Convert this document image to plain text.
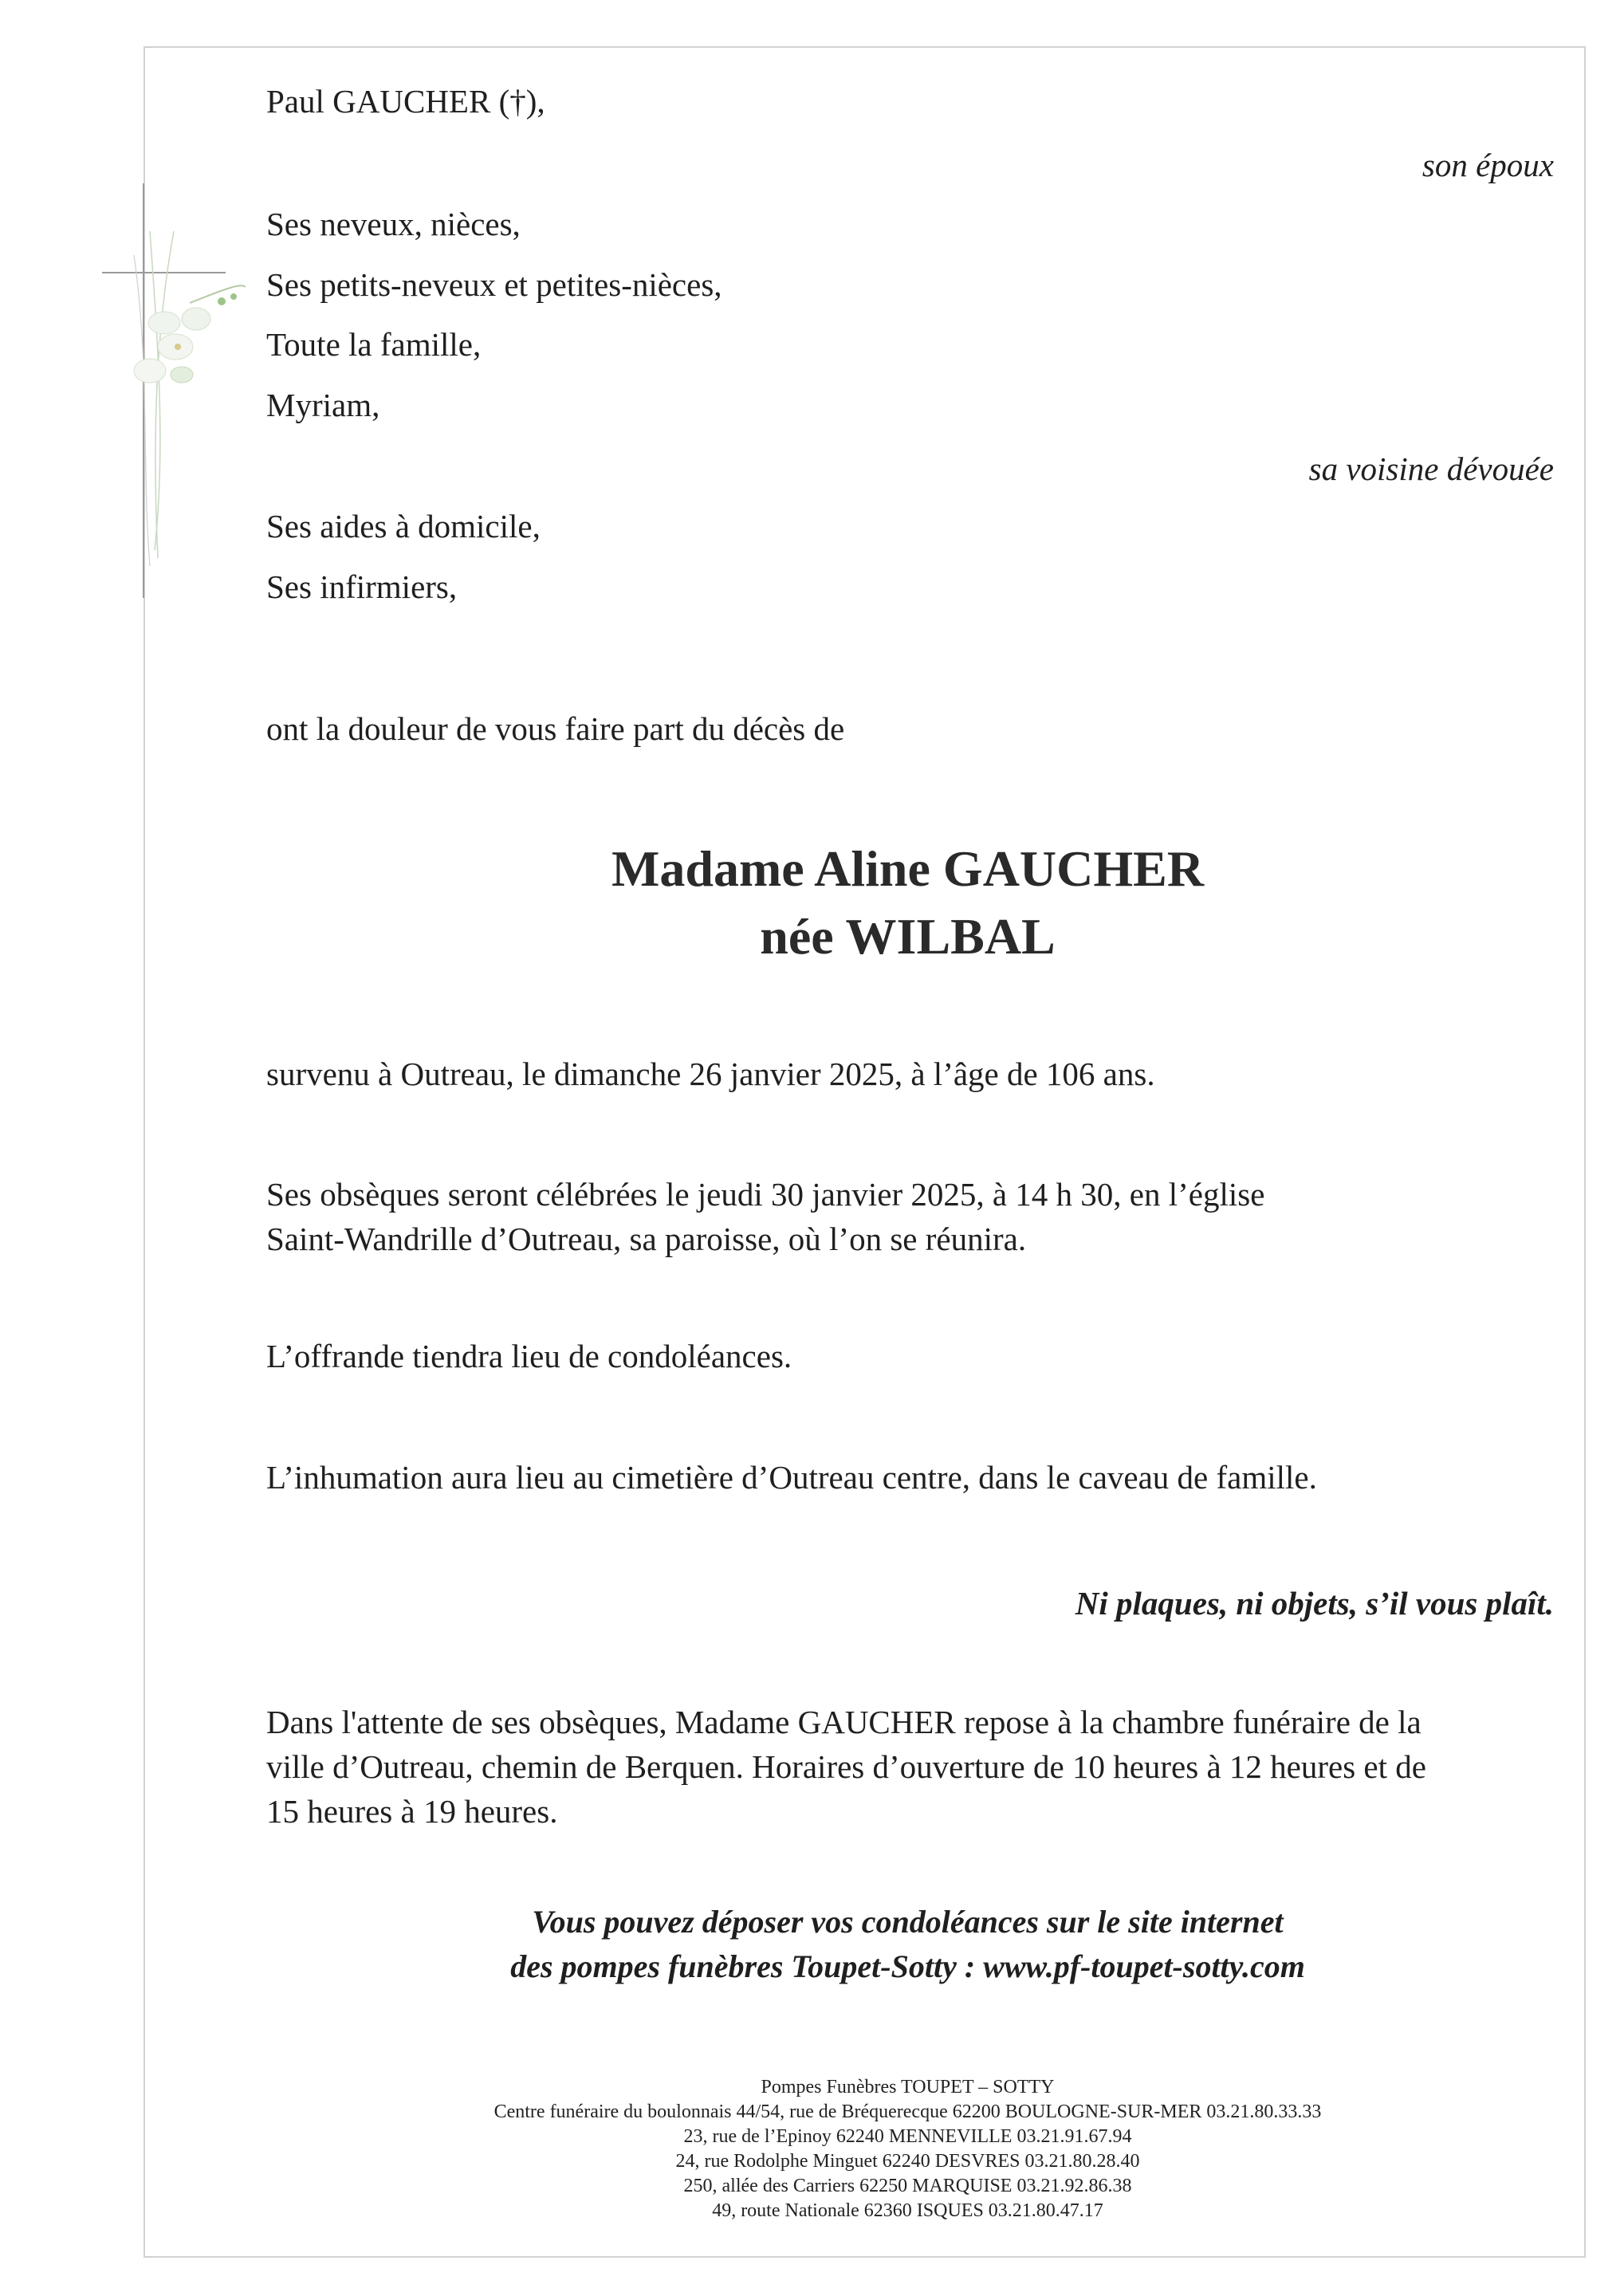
Paul GAUCHER (†),
son époux
Ses neveux, nièces,
Ses petits-neveux et petites-nièces,
Toute la famille,
Myriam,
sa voisine dévouée
Ses aides à domicile,
Ses infirmiers,
ont la douleur de vous faire part du décès de
Madame Aline GAUCHER
née WILBAL
survenu à Outreau, le dimanche 26 janvier 2025, à l’âge de 106 ans.
Ses obsèques seront célébrées le jeudi 30 janvier 2025, à 14 h 30, en l’église
Saint-Wandrille d’Outreau, sa paroisse, où l’on se réunira.
L’offrande tiendra lieu de condoléances.
L’inhumation aura lieu au cimetière d’Outreau centre, dans le caveau de famille.
Ni plaques, ni objets, s’il vous plaît.
Dans l'attente de ses obsèques, Madame GAUCHER repose à la chambre funéraire de la
ville d’Outreau, chemin de Berquen. Horaires d’ouverture de 10 heures à 12 heures et de
15 heures à 19 heures.
Vous pouvez déposer vos condoléances sur le site internet
des pompes funèbres Toupet-Sotty : www.pf-toupet-sotty.com
Pompes Funèbres TOUPET – SOTTY
Centre funéraire du boulonnais 44/54, rue de Bréquerecque 62200 BOULOGNE-SUR-MER 03.21.80.33.33
23, rue de l’Epinoy 62240 MENNEVILLE 03.21.91.67.94
24, rue Rodolphe Minguet 62240 DESVRES 03.21.80.28.40
250, allée des Carriers 62250 MARQUISE 03.21.92.86.38
49, route Nationale 62360 ISQUES 03.21.80.47.17
